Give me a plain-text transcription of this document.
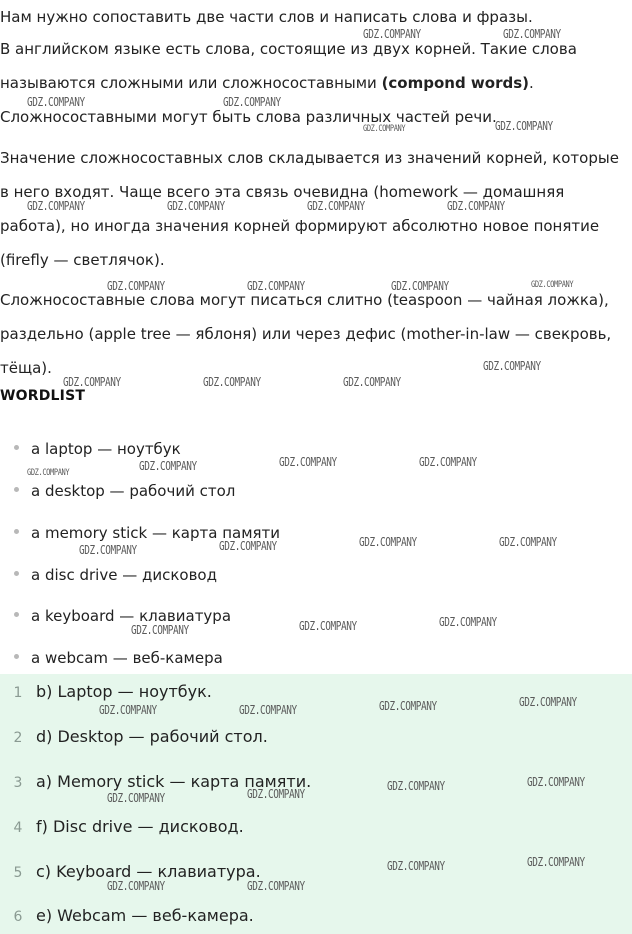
Нам нужно сопоставить две части слов и написать слова и фразы.

В английском языке есть слова, состоящие из двух корней. Такие слова называются сложными или сложносоставными (compond words).

Сложносоставными могут быть слова различных частей речи.

Значение сложносоставных слов складывается из значений корней, которые в него входят. Чаще всего эта связь очевидна (homework — домашняя работа), но иногда значения корней формируют абсолютно новое понятие (firefly — светлячок).

Сложносоставные слова могут писаться слитно (teaspoon — чайная ложка), раздельно (apple tree — яблоня) или через дефис (mother-in-law — свекровь, тёща).

WORDLIST
a laptop — ноутбук
a desktop — рабочий стол
a memory stick — карта памяти
a disc drive — дисковод
a keyboard — клавиатура
a webcam — веб-камера
1 b) Laptop — ноутбук.
2 d) Desktop — рабочий стол.
3 a) Memory stick — карта памяти.
4 f) Disc drive — дисковод.
5 c) Keyboard — клавиатура.
6 e) Webcam — веб-камера.
GDZ.COMPANY	GDZ.COMPANY
GDZ.COMPANY	GDZ.COMPANY
GDZ.COMPANY	GDZ.COMPANY
GDZ.COMPANY	GDZ.COMPANY	GDZ.COMPANY	GDZ.COMPANY
GDZ.COMPANY	GDZ.COMPANY	GDZ.COMPANY	GDZ.COMPANY
GDZ.COMPANY
GDZ.COMPANY	GDZ.COMPANY	GDZ.COMPANY
GDZ.COMPANY	GDZ.COMPANY	GDZ.COMPANY	GDZ.COMPANY
GDZ.COMPANY	GDZ.COMPANY	GDZ.COMPANY	GDZ.COMPANY
GDZ.COMPANY	GDZ.COMPANY	GDZ.COMPANY
GDZ.COMPANY	GDZ.COMPANY	GDZ.COMPANY	GDZ.COMPANY
GDZ.COMPANY	GDZ.COMPANY
GDZ.COMPANY	GDZ.COMPANY
GDZ.COMPANY	GDZ.COMPANY
GDZ.COMPANY	GDZ.COMPANY
